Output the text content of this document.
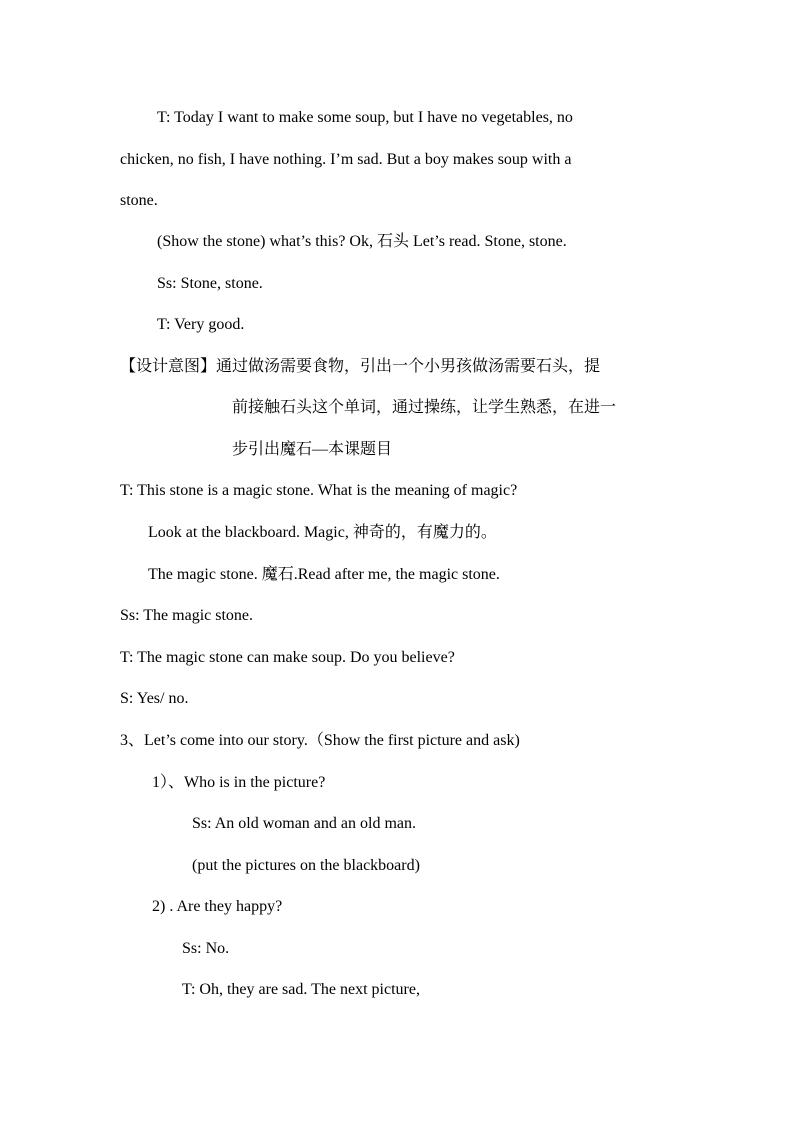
T: Today I want to make some soup, but I have no vegetables, no
chicken, no fish, I have nothing. I’m sad. But a boy makes soup with a
stone.
(Show the stone) what’s this? Ok, 石头 Let’s read. Stone, stone.
Ss: Stone, stone.
T: Very good.
【设计意图】通过做汤需要食物，引出一个小男孩做汤需要石头，提
前接触石头这个单词，通过操练，让学生熟悉，在进一
步引出魔石—本课题目
T: This stone is a magic stone. What is the meaning of magic?
Look at the blackboard. Magic, 神奇的，有魔力的。
The magic stone. 魔石.Read after me, the magic stone.
Ss: The magic stone.
T: The magic stone can make soup. Do you believe?
S: Yes/ no.
3、Let’s come into our story.（Show the first picture and ask)
1）、Who is in the picture?
Ss: An old woman and an old man.
(put the pictures on the blackboard)
2) . Are they happy?
Ss: No.
T: Oh, they are sad. The next picture,
